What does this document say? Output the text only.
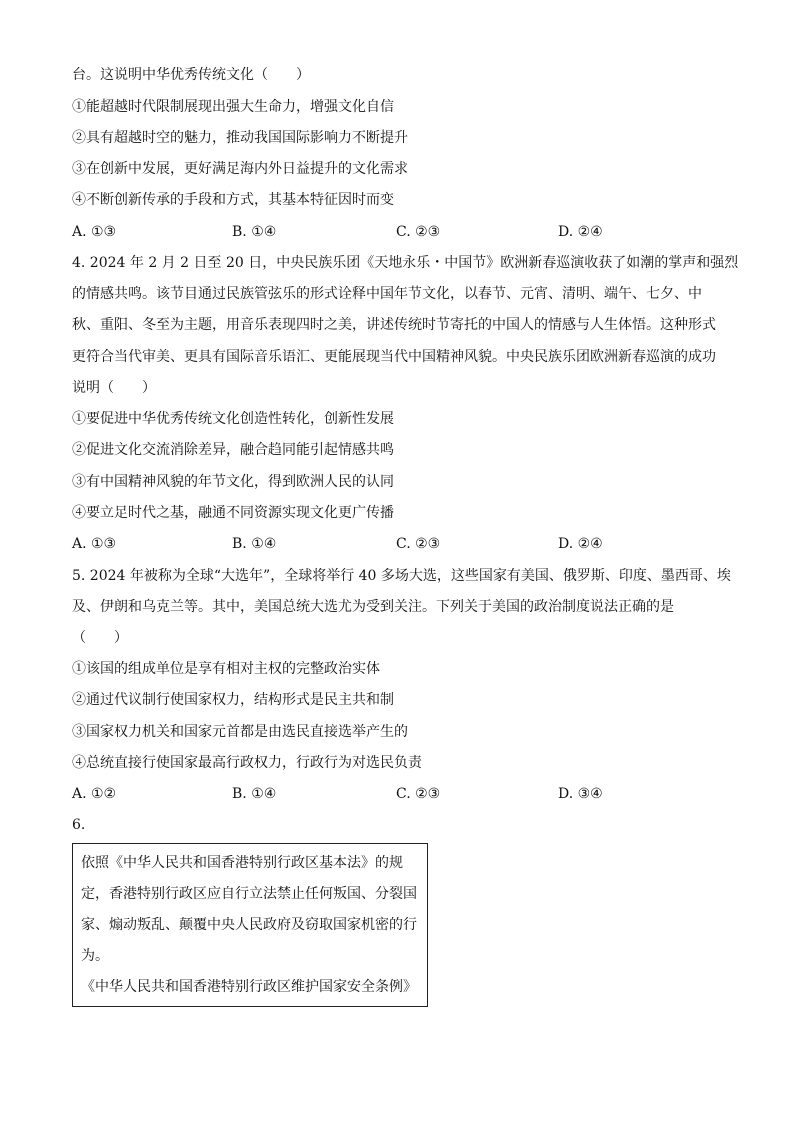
台。这说明中华优秀传统文化（　　）
①能超越时代限制展现出强大生命力，增强文化自信
②具有超越时空的魅力，推动我国国际影响力不断提升
③在创新中发展，更好满足海内外日益提升的文化需求
④不断创新传承的手段和方式，其基本特征因时而变
A. ①③	B. ①④	C. ②③	D. ②④
4. 2024 年 2 月 2 日至 20 日，中央民族乐团《天地永乐・中国节》欧洲新春巡演收获了如潮的掌声和强烈
的情感共鸣。该节目通过民族管弦乐的形式诠释中国年节文化，以春节、元宵、清明、端午、七夕、中
秋、重阳、冬至为主题，用音乐表现四时之美，讲述传统时节寄托的中国人的情感与人生体悟。这种形式
更符合当代审美、更具有国际音乐语汇、更能展现当代中国精神风貌。中央民族乐团欧洲新春巡演的成功
说明（　　）
①要促进中华优秀传统文化创造性转化，创新性发展
②促进文化交流消除差异，融合趋同能引起情感共鸣
③有中国精神风貌的年节文化，得到欧洲人民的认同
④要立足时代之基，融通不同资源实现文化更广传播
A. ①③	B. ①④	C. ②③	D. ②④
5. 2024 年被称为全球“大选年”，全球将举行 40 多场大选，这些国家有美国、俄罗斯、印度、墨西哥、埃
及、伊朗和乌克兰等。其中，美国总统大选尤为受到关注。下列关于美国的政治制度说法正确的是
（　　）
①该国的组成单位是享有相对主权的完整政治实体
②通过代议制行使国家权力，结构形式是民主共和制
③国家权力机关和国家元首都是由选民直接选举产生的
④总统直接行使国家最高行政权力，行政行为对选民负责
A. ①②	B. ①④	C. ②③	D. ③④
6.
依照《中华人民共和国香港特别行政区基本法》的规
定，香港特别行政区应自行立法禁止任何叛国、分裂国
家、煽动叛乱、颠覆中央人民政府及窃取国家机密的行
为。
《中华人民共和国香港特别行政区维护国家安全条例》
